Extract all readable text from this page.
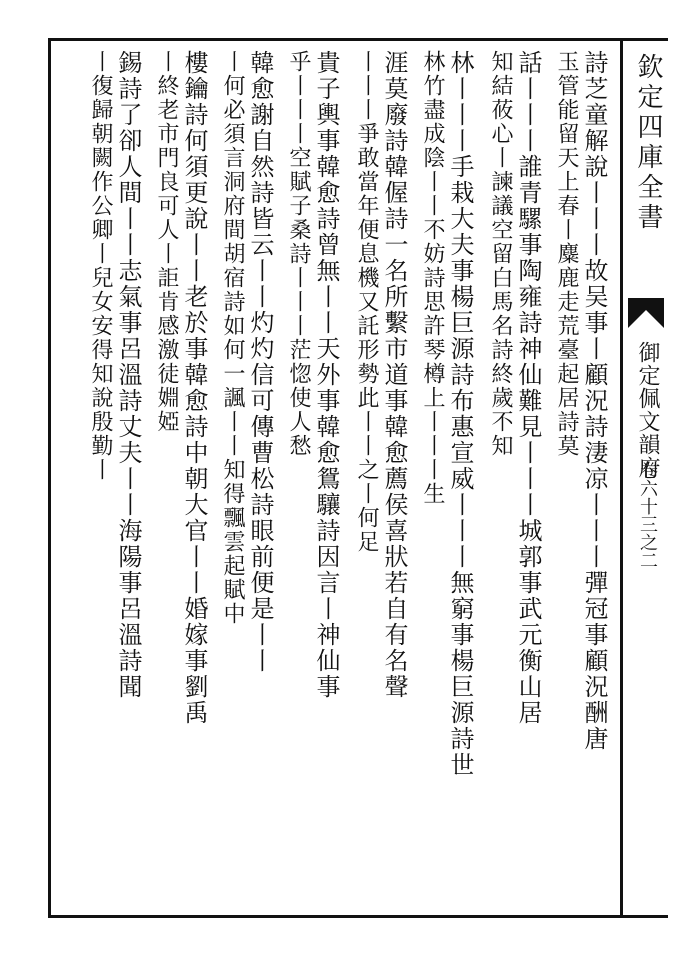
欽定四庫全書
御定佩文韻府
卷六十三之二
詩芝童解說丨丨丨故吴事丨顧況詩淒凉丨丨丨彈冠事顧況酬唐
玉管能留天上春丨麋鹿走荒臺起居詩莫
話丨丨丨誰青騾事陶雍詩神仙難見丨丨丨城郭事武元衡山居
知結莜心丨諫議空留白馬名詩終歲不知
林丨丨丨手栽大夫事楊巨源詩布惠宣威丨丨丨無窮事楊巨源詩世
林竹盡成陰丨丨不妨詩思許琴樽上丨丨丨生
涯莫廢詩韓偓詩一名所繫市道事韓愈薦侯喜狀若自有名聲
丨丨丨爭敢當年便息機又託形勢此丨丨之丨何足
貴子輿事韓愈詩曾無丨丨天外事韓愈鴛驤詩因言丨神仙事
乎丨丨丨空賦子桑詩丨丨丨茫惚使人愁
韓愈謝自然詩皆云丨丨灼灼信可傳曹松詩眼前便是丨丨
丨何必須言洞府間胡宿詩如何一諷丨丨知得飄雲起賦中
樓鑰詩何須更說丨丨老於事韓愈詩中朝大官丨丨婚嫁事劉禹
丨終老市門良可人丨詎肯感激徒婣婭
錫詩了卻人間丨丨志氣事呂溫詩丈夫丨丨海陽事呂溫詩聞
丨復歸朝闕作公卿丨兒女安得知說殷勤丨
